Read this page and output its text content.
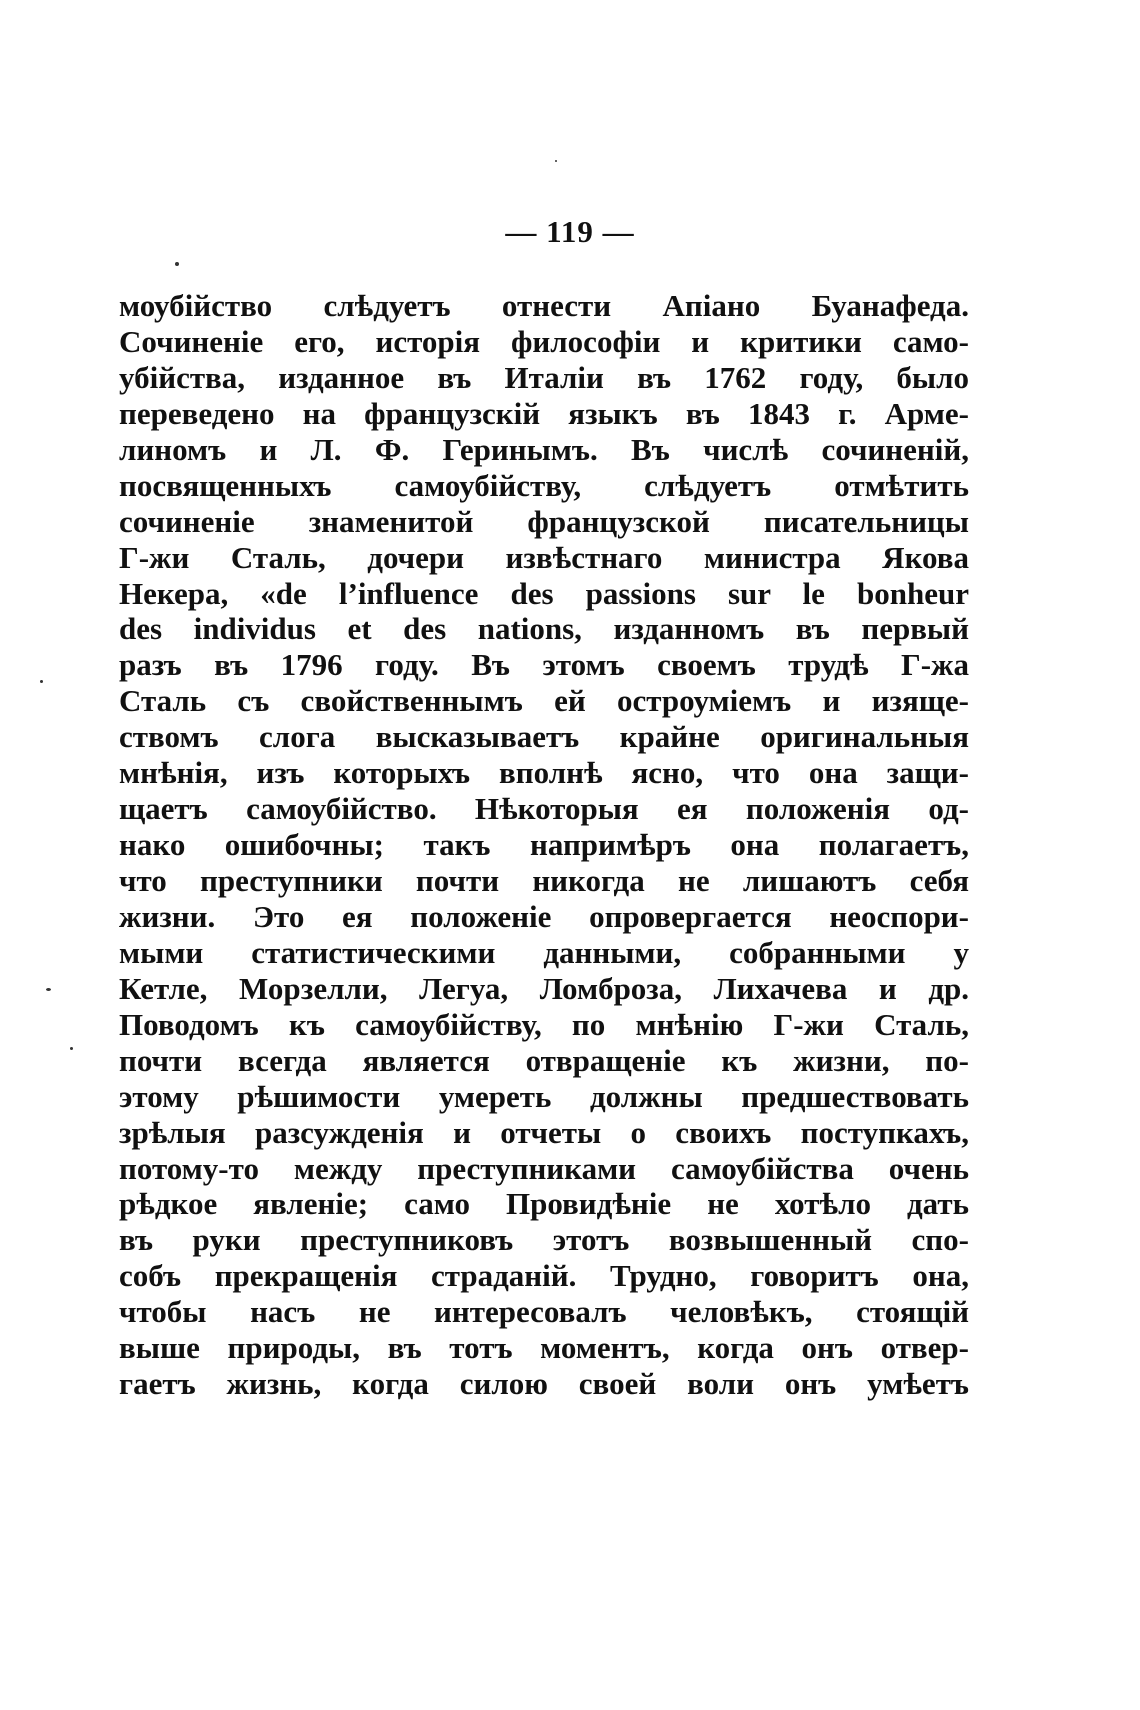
— 119 —
моубійство слѣдуетъ отнести Апіано Буанафеда.
Сочиненіе его, исторія философіи и критики само-
убійства, изданное въ Италіи въ 1762 году, было
переведено на французскій языкъ въ 1843 г. Арме-
линомъ и Л. Ф. Геринымъ. Въ числѣ сочиненій,
посвященныхъ самоубійству, слѣдуетъ отмѣтить
сочиненіе знаменитой французской писательницы
Г-жи Сталь, дочери извѣстнаго министра Якова
Некера, «de l’influence des passions sur le bonheur
des individus et des nations, изданномъ въ первый
разъ въ 1796 году. Въ этомъ своемъ трудѣ Г-жа
Сталь съ свойственнымъ ей остроуміемъ и изяще-
ствомъ слога высказываетъ крайне оригинальныя
мнѣнія, изъ которыхъ вполнѣ ясно, что она защи-
щаетъ самоубійство. Нѣкоторыя ея положенія од-
нако ошибочны; такъ напримѣръ она полагаетъ,
что преступники почти никогда не лишаютъ себя
жизни. Это ея положеніе опровергается неоспори-
мыми статистическими данными, собранными у
Кетле, Морзелли, Легуа, Ломброза, Лихачева и др.
Поводомъ къ самоубійству, по мнѣнію Г-жи Сталь,
почти всегда является отвращеніе къ жизни, по-
этому рѣшимости умереть должны предшествовать
зрѣлыя разсужденія и отчеты о своихъ поступкахъ,
потому-то между преступниками самоубійства очень
рѣдкое явленіе; само Провидѣніе не хотѣло дать
въ руки преступниковъ этотъ возвышенный спо-
собъ прекращенія страданій. Трудно, говоритъ она,
чтобы насъ не интересовалъ человѣкъ, стоящій
выше природы, въ тотъ моментъ, когда онъ отвер-
гаетъ жизнь, когда силою своей воли онъ умѣетъ
